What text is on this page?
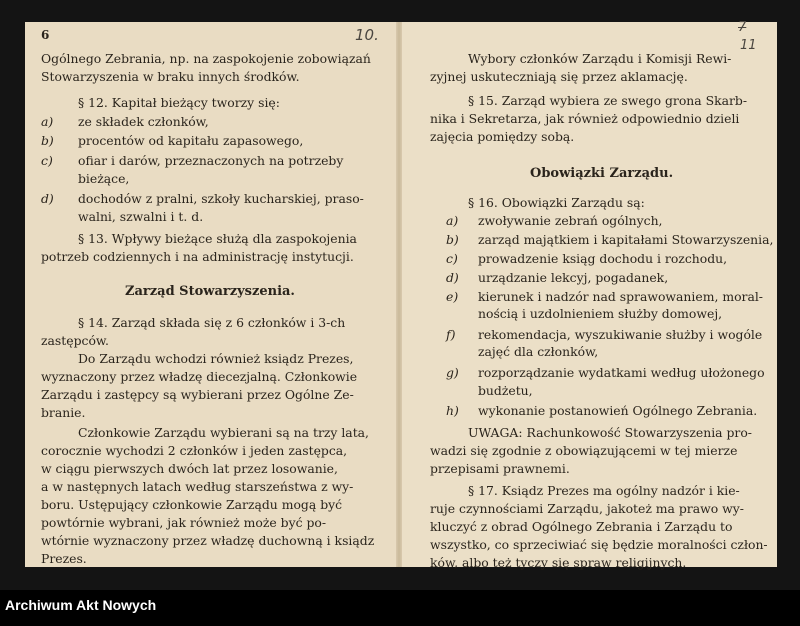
6	10.
Ogólnego Zebrania, np. na zaspokojenie zobowiązań
Stowarzyszenia w braku innych środków.
§ 12. Kapitał bieżący tworzy się:
a) ze składek członków,
b) procentów od kapitału zapasowego,
c) ofiar i darów, przeznaczonych na potrzeby
bieżące,
d) dochodów z pralni, szkoły kucharskiej, praso-
walni, szwalni i t. d.
§ 13. Wpływy bieżące służą dla zaspokojenia
potrzeb codziennych i na administrację instytucji.
Zarząd Stowarzyszenia.
§ 14. Zarząd składa się z 6 członków i 3-ch
zastępców.
Do Zarządu wchodzi również ksiądz Prezes,
wyznaczony przez władzę diecezjalną. Członkowie
Zarządu i zastępcy są wybierani przez Ogólne Ze-
branie.
Członkowie Zarządu wybierani są na trzy lata,
corocznie wychodzi 2 członków i jeden zastępca,
w ciągu pierwszych dwóch lat przez losowanie,
a w następnych latach według starszeństwa z wy-
boru. Ustępujący członkowie Zarządu mogą być
powtórnie wybrani, jak również może być po-
wtórnie wyznaczony przez władzę duchowną i ksiądz
Prezes.
7
11
Wybory członków Zarządu i Komisji Rewi-
zyjnej uskuteczniają się przez aklamację.
§ 15. Zarząd wybiera ze swego grona Skarb-
nika i Sekretarza, jak również odpowiednio dzieli
zajęcia pomiędzy sobą.
Obowiązki Zarządu.
§ 16. Obowiązki Zarządu są:
a) zwoływanie zebrań ogólnych,
b) zarząd majątkiem i kapitałami Stowarzyszenia,
c) prowadzenie ksiąg dochodu i rozchodu,
d) urządzanie lekcyj, pogadanek,
e) kierunek i nadzór nad sprawowaniem, moral-
nością i uzdolnieniem służby domowej,
f) rekomendacja, wyszukiwanie służby i wogóle
zajęć dla członków,
g) rozporządzanie wydatkami według ułożonego
budżetu,
h) wykonanie postanowień Ogólnego Zebrania.
UWAGA: Rachunkowość Stowarzyszenia pro-
wadzi się zgodnie z obowiązującemi w tej mierze
przepisami prawnemi.
§ 17. Ksiądz Prezes ma ogólny nadzór i kie-
ruje czynnościami Zarządu, jakoteż ma prawo wy-
kluczyć z obrad Ogólnego Zebrania i Zarządu to
wszystko, co sprzeciwiać się będzie moralności człon-
ków, albo też tyczy się spraw religijnych.
Archiwum Akt Nowych
